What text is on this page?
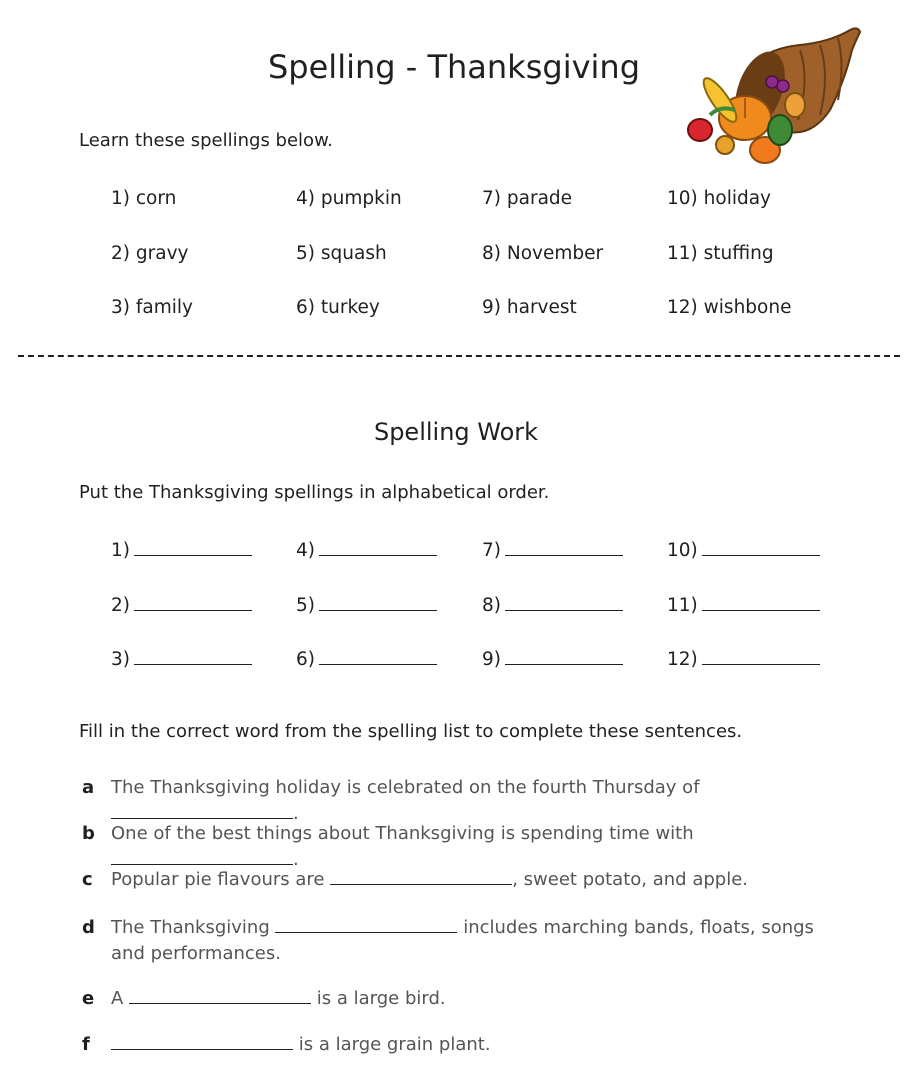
Spelling - Thanksgiving
Learn these spellings below.
1) corn
2) gravy
3) family
4) pumpkin
5) squash
6) turkey
7) parade
8) November
9) harvest
10) holiday
11) stuffing
12) wishbone
Spelling Work
Put the Thanksgiving spellings in alphabetical order.
1)
2)
3)
4)
5)
6)
7)
8)
9)
10)
11)
12)
Fill in the correct word from the spelling list to complete these sentences.
a The Thanksgiving holiday is celebrated on the fourth Thursday of .
b One of the best things about Thanksgiving is spending time with .
c	Popular pie flavours are	, sweet potato, and apple.
d The Thanksgiving	includes marching bands, floats, songs and performances.
e A	is a large bird.
f	is a large grain plant.
